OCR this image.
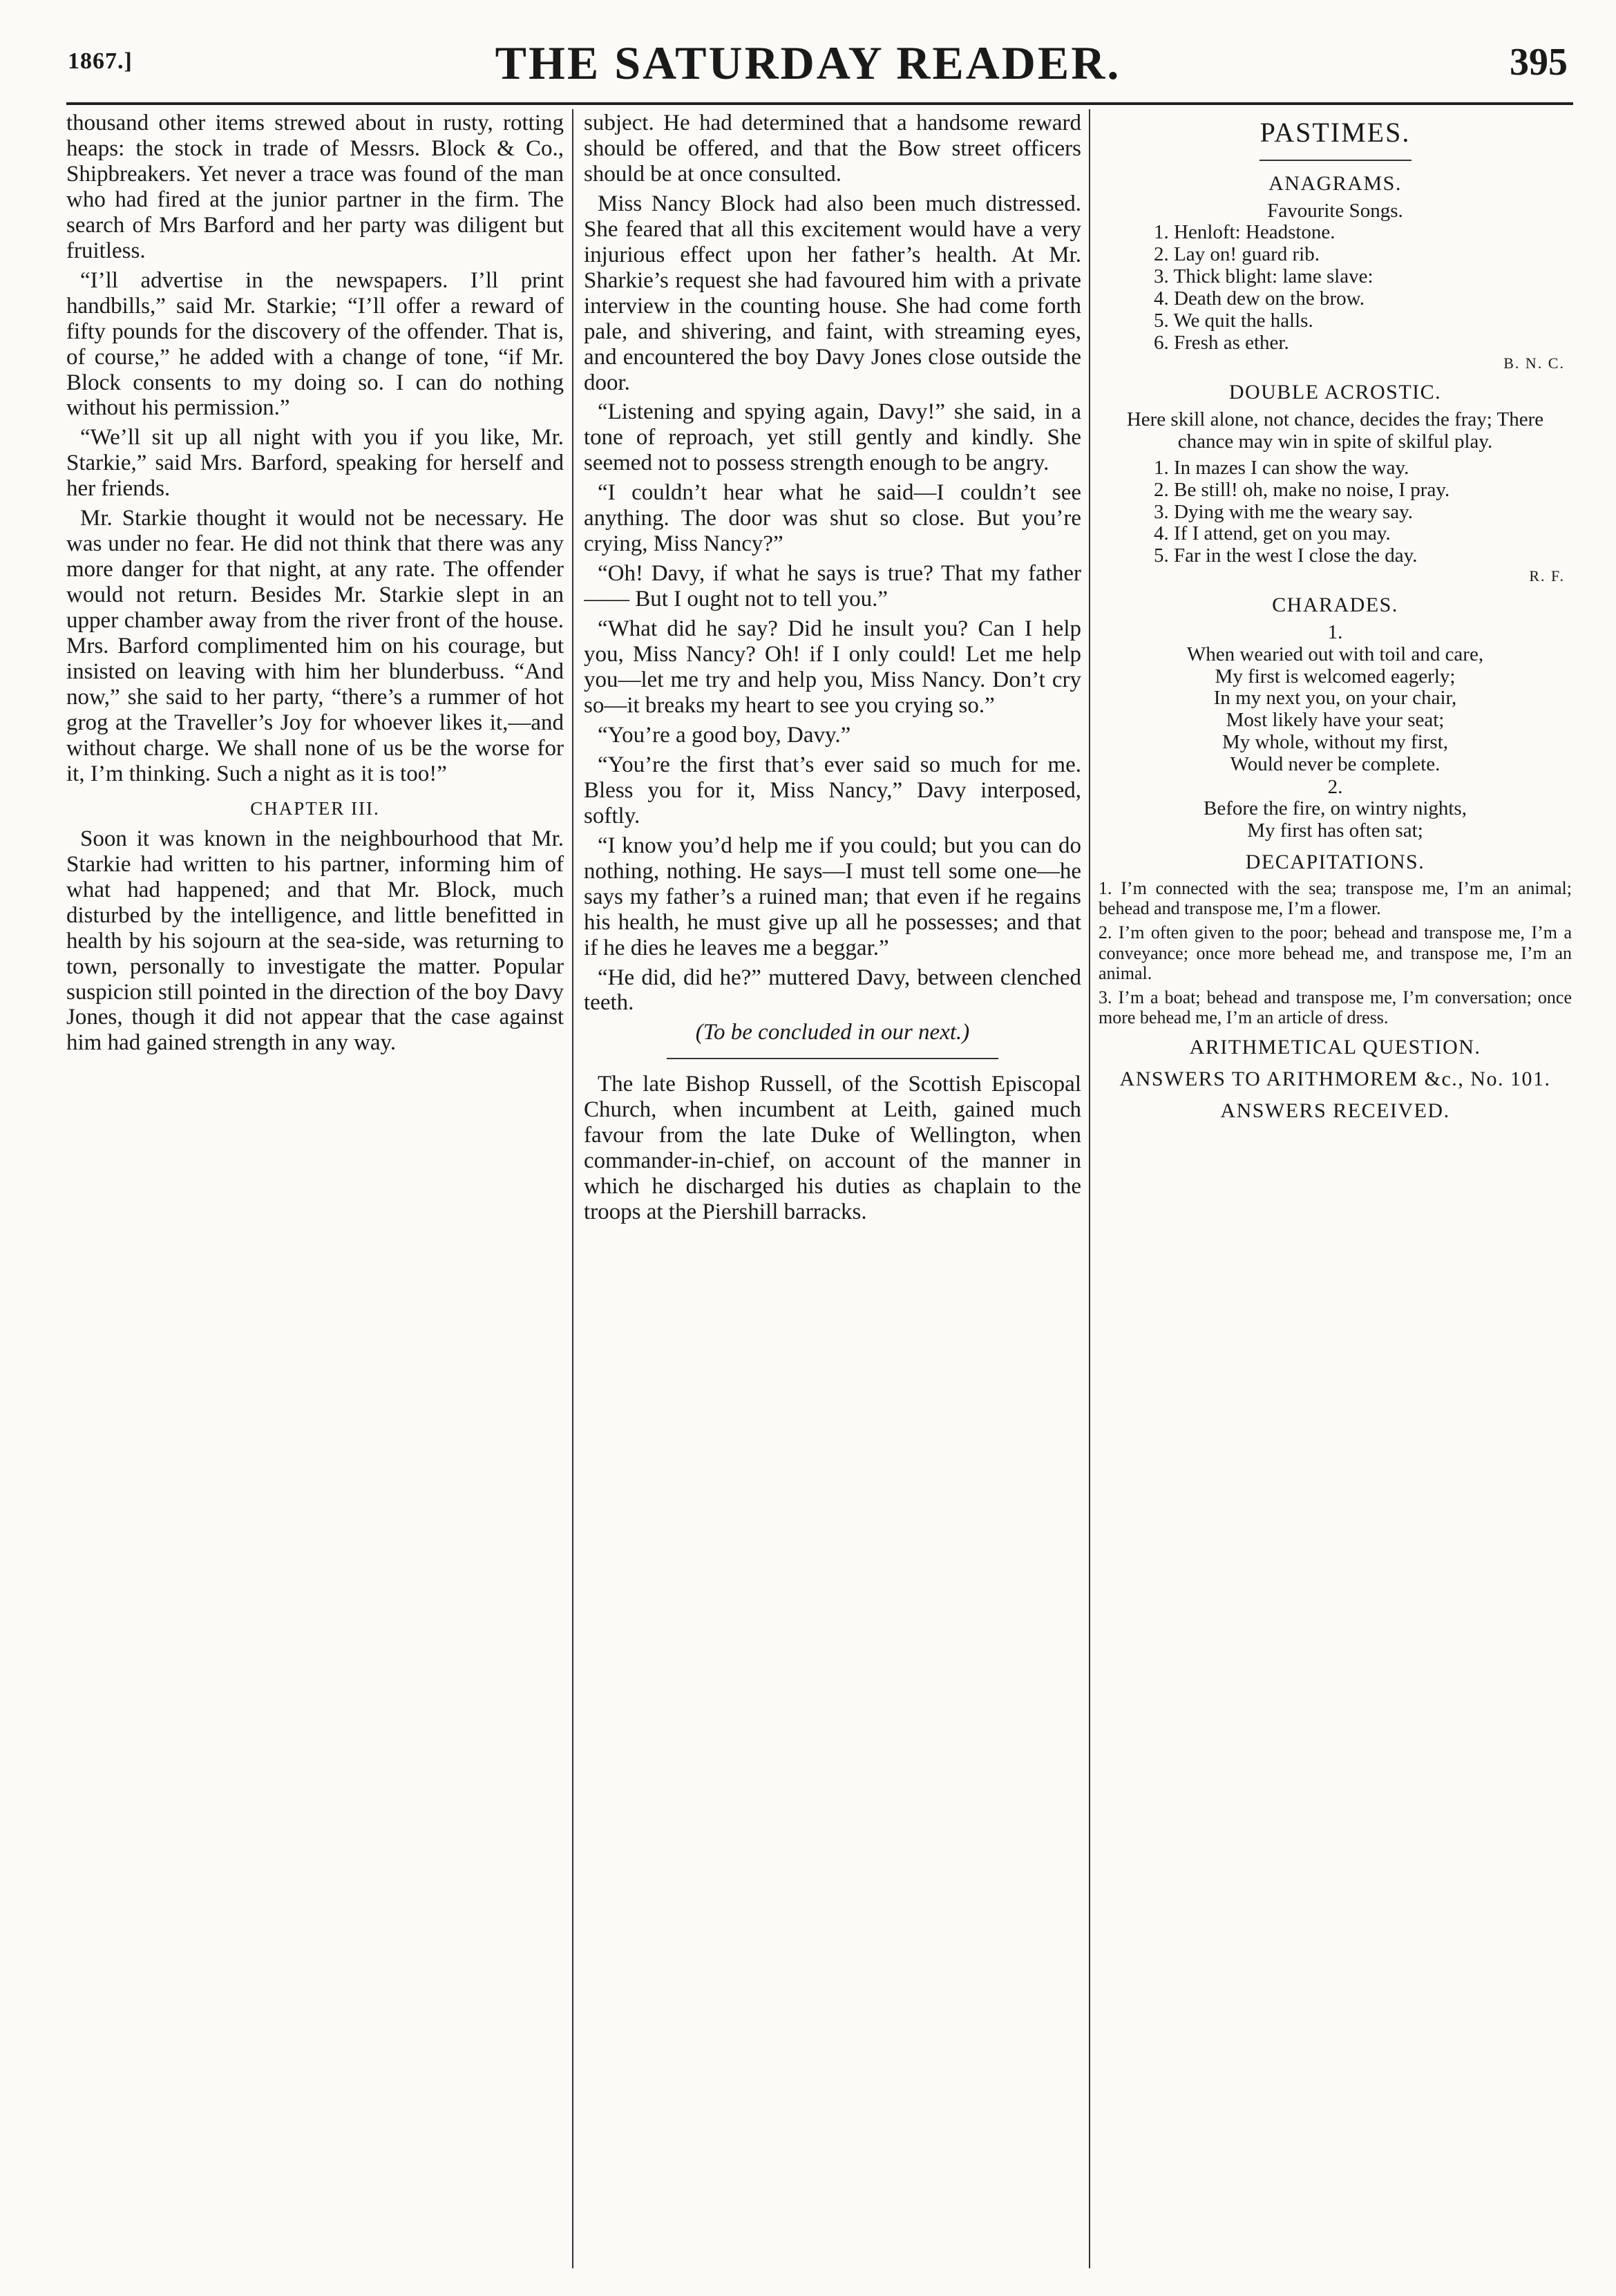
1867.]	THE SATURDAY READER.	395

thousand other items strewed about in rusty, rotting heaps: the stock in trade of Messrs. Block & Co., Shipbreakers. Yet never a trace was found of the man who had fired at the junior partner in the firm. The search of Mrs Barford and her party was diligent but fruitless.

“I’ll advertise in the newspapers. I’ll print handbills,” said Mr. Starkie; “I’ll offer a reward of fifty pounds for the discovery of the offender. That is, of course,” he added with a change of tone, “if Mr. Block consents to my doing so. I can do nothing without his permission.”

“We’ll sit up all night with you if you like, Mr. Starkie,” said Mrs. Barford, speaking for herself and her friends.

Mr. Starkie thought it would not be necessary. He was under no fear. He did not think that there was any more danger for that night, at any rate. The offender would not return. Besides Mr. Starkie slept in an upper chamber away from the river front of the house. Mrs. Barford complimented him on his courage, but insisted on leaving with him her blunderbuss. “And now,” she said to her party, “there’s a rummer of hot grog at the Traveller’s Joy for whoever likes it,—and without charge. We shall none of us be the worse for it, I’m thinking. Such a night as it is too!”

CHAPTER III.

Soon it was known in the neighbourhood that Mr. Starkie had written to his partner, informing him of what had happened; and that Mr. Block, much disturbed by the intelligence, and little benefitted in health by his sojourn at the sea-side, was returning to town, personally to investigate the matter. Popular suspicion still pointed in the direction of the boy Davy Jones, though it did not appear that the case against him had gained strength in any way.

subject. He had determined that a handsome reward should be offered, and that the Bow street officers should be at once consulted.

Miss Nancy Block had also been much distressed. She feared that all this excitement would have a very injurious effect upon her father’s health. At Mr. Sharkie’s request she had favoured him with a private interview in the counting house. She had come forth pale, and shivering, and faint, with streaming eyes, and encountered the boy Davy Jones close outside the door.

“Listening and spying again, Davy!” she said, in a tone of reproach, yet still gently and kindly. She seemed not to possess strength enough to be angry.

“I couldn’t hear what he said—I couldn’t see anything. The door was shut so close. But you’re crying, Miss Nancy?”

“Oh! Davy, if what he says is true? That my father—— But I ought not to tell you.”

“What did he say? Did he insult you? Can I help you, Miss Nancy? Oh! if I only could! Let me help you—let me try and help you, Miss Nancy. Don’t cry so—it breaks my heart to see you crying so.”

“You’re a good boy, Davy.”

“You’re the first that’s ever said so much for me. Bless you for it, Miss Nancy,” Davy interposed, softly.

“I know you’d help me if you could; but you can do nothing, nothing. He says—I must tell some one—he says my father’s a ruined man; that even if he regains his health, he must give up all he possesses; and that if he dies he leaves me a beggar.”

“He did, did he?” muttered Davy, between clenched teeth.

(To be concluded in our next.)

The late Bishop Russell, of the Scottish Episcopal Church, when incumbent at Leith, gained much favour from the late Duke of Wellington, when commander-in-chief, on account of the manner in which he discharged his duties as chaplain to the troops at the Piershill barracks.

PASTIMES.
ANAGRAMS.
Favourite Songs.
1. Henloft: Headstone.
2. Lay on! guard rib.
3. Thick blight: lame slave:
4. Death dew on the brow.
5. We quit the halls.
6. Fresh as ether.
B. N. C.
DOUBLE ACROSTIC.

Here skill alone, not chance, decides the fray; There chance may win in spite of skilful play.

1. In mazes I can show the way.
2. Be still! oh, make no noise, I pray.
3. Dying with me the weary say.
4. If I attend, get on you may.
5. Far in the west I close the day.
R. F.
CHARADES.
1.

When wearied out with toil and care,

My first is welcomed eagerly;

In my next you, on your chair,

Most likely have your seat;

My whole, without my first,

Would never be complete.

2.

Before the fire, on wintry nights,

My first has often sat;

DECAPITATIONS.

1. I’m connected with the sea; transpose me, I’m an animal; behead and transpose me, I’m a flower.

2. I’m often given to the poor; behead and transpose me, I’m a conveyance; once more behead me, and transpose me, I’m an animal.

3. I’m a boat; behead and transpose me, I’m conversation; once more behead me, I’m an article of dress.

ARITHMETICAL QUESTION.
ANSWERS TO ARITHMOREM &c., No. 101.
ANSWERS RECEIVED.
